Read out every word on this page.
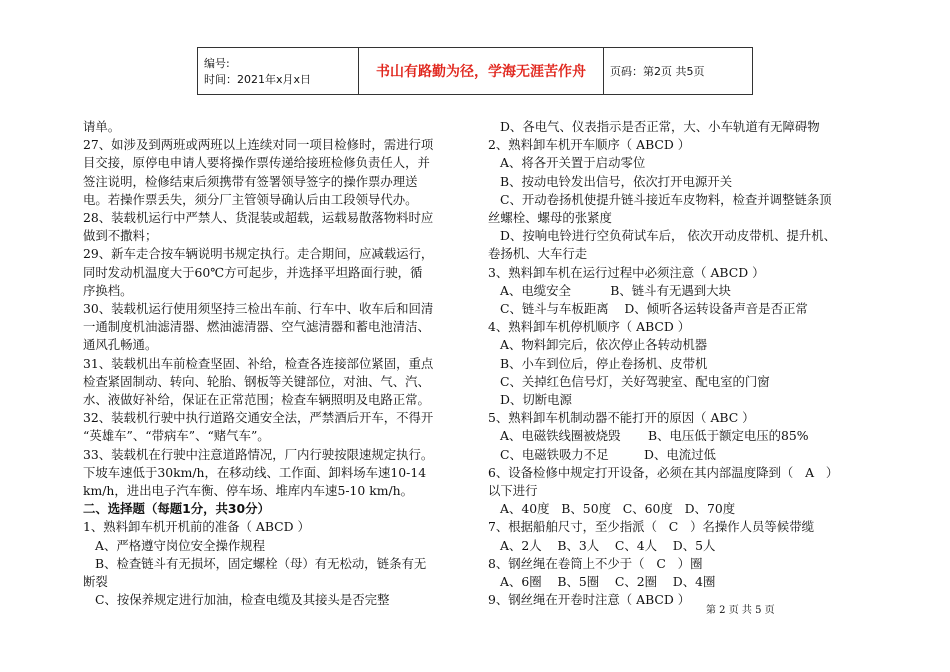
编号:
时间：2021年x月x日	书山有路勤为径，学海无涯苦作舟	页码：第2页 共5页

请单。

27、如涉及到两班或两班以上连续对同一项目检修时，需进行项

目交接，原停电申请人要将操作票传递给接班检修负责任人，并

签注说明，检修结束后须携带有签署领导签字的操作票办理送

电。若操作票丢失，须分厂主管领导确认后由工段领导代办。

28、装载机运行中严禁人、货混装或超载，运载易散落物料时应

做到不撒料；

29、新车走合按车辆说明书规定执行。走合期间，应减载运行，

同时发动机温度大于60℃方可起步，并选择平坦路面行驶，循

序换档。

30、装载机运行使用须坚持三检出车前、行车中、收车后和回清

一通制度机油滤清器、燃油滤清器、空气滤清器和蓄电池清洁、

通风孔畅通。

31、装载机出车前检查坚固、补给，检查各连接部位紧固，重点

检查紧固制动、转向、轮胎、钢板等关键部位，对油、气、汽、

水、液做好补给，保证在正常范围；检查车辆照明及电路正常。

32、装载机行驶中执行道路交通安全法，严禁酒后开车，不得开

“英雄车”、“带病车”、“赌气车”。

33、装载机在行驶中注意道路情况，厂内行驶按限速规定执行。

下坡车速低于30km/h，在移动线、工作面、卸料场车速10-14

km/h，进出电子汽车衡、停车场、堆库内车速5-10 km/h。

二、选择题（每题1分，共30分）

1、熟料卸车机开机前的准备（ ABCD ）

A、严格遵守岗位安全操作规程

B、检查链斗有无损坏，固定螺栓（母）有无松动，链条有无

断裂

C、按保养规定进行加油，检查电缆及其接头是否完整

D、各电气、仪表指示是否正常，大、小车轨道有无障碍物

2、熟料卸车机开车顺序（ ABCD ）

A、将各开关置于启动零位

B、按动电铃发出信号，依次打开电源开关

C、开动卷扬机使提升链斗接近车皮物料，检查并调整链条顶

丝螺栓、螺母的张紧度

D、按响电铃进行空负荷试车后， 依次开动皮带机、提升机、

卷扬机、大车行走

3、熟料卸车机在运行过程中必须注意（ ABCD ）

A、电缆安全          B、链斗有无遇到大块

C、链斗与车板距离    D、倾听各运转设备声音是否正常

4、熟料卸车机停机顺序（ ABCD ）

A、物料卸完后，依次停止各转动机器

B、小车到位后，停止卷扬机、皮带机

C、关掉红色信号灯，关好驾驶室、配电室的门窗

D、切断电源

5、熟料卸车机制动器不能打开的原因（ ABC ）

A、电磁铁线圈被烧毁       B、电压低于额定电压的85%

C、电磁铁吸力不足         D、电流过低

6、设备检修中规定打开设备，必须在其内部温度降到（   A   ）

以下进行

A、40度   B、50度   C、60度   D、70度

7、根据船舶尺寸，至少指派（   C   ）名操作人员等候带缆

A、2人    B、3人    C、4人    D、5人

8、钢丝绳在卷筒上不少于（   C   ）圈

A、6圈    B、5圈    C、2圈    D、4圈

9、钢丝绳在开卷时注意（ ABCD ）

第 2 页 共 5 页
